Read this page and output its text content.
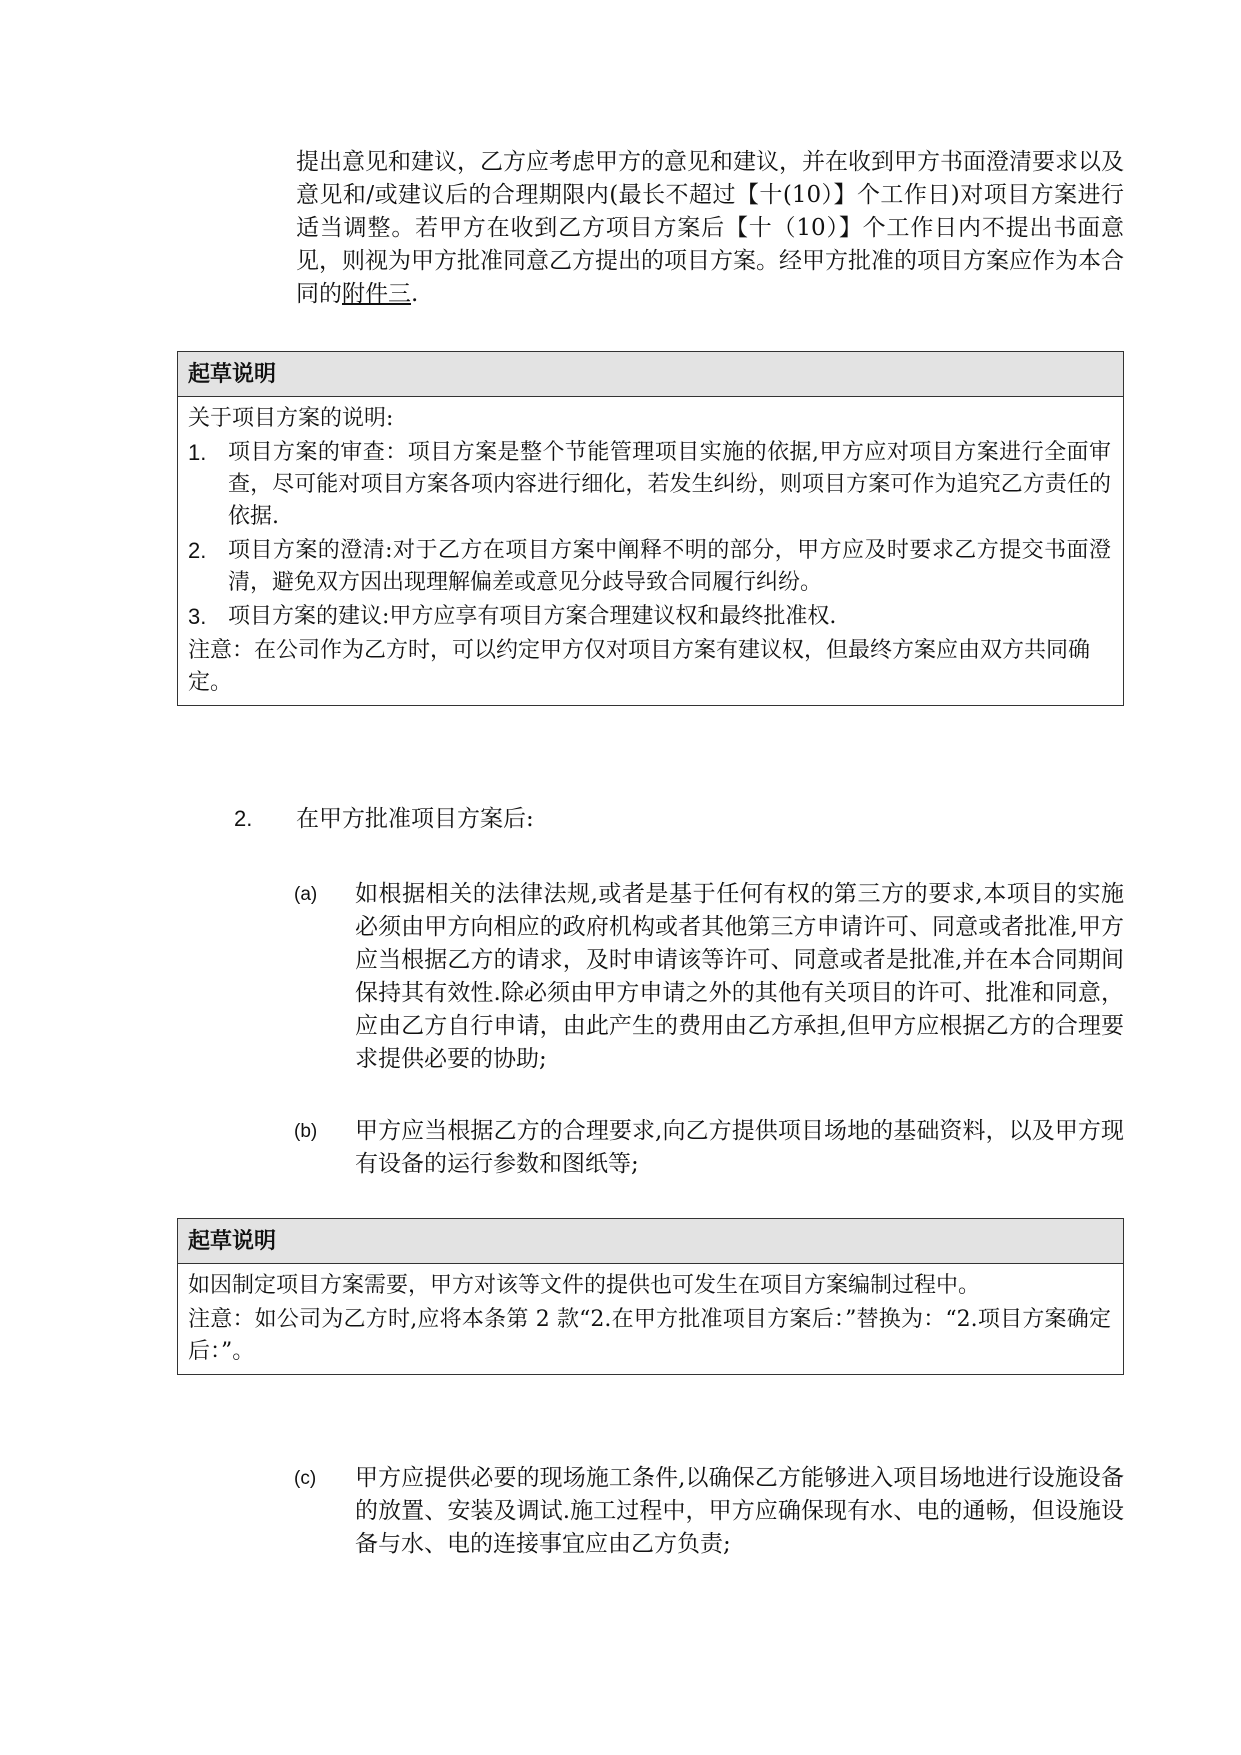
提出意见和建议，乙方应考虑甲方的意见和建议，并在收到甲方书面澄清要求以及意见和/或建议后的合理期限内(最长不超过【十(10）】个工作日)对项目方案进行适当调整。若甲方在收到乙方项目方案后【十（10）】个工作日内不提出书面意见，则视为甲方批准同意乙方提出的项目方案。经甲方批准的项目方案应作为本合同的附件三.
起草说明

关于项目方案的说明:

1. 项目方案的审查：项目方案是整个节能管理项目实施的依据,甲方应对项目方案进行全面审查，尽可能对项目方案各项内容进行细化，若发生纠纷，则项目方案可作为追究乙方责任的依据.
2. 项目方案的澄清:对于乙方在项目方案中阐释不明的部分，甲方应及时要求乙方提交书面澄清，避免双方因出现理解偏差或意见分歧导致合同履行纠纷。
3. 项目方案的建议:甲方应享有项目方案合理建议权和最终批准权.

注意：在公司作为乙方时，可以约定甲方仅对项目方案有建议权，但最终方案应由双方共同确定。

2. 在甲方批准项目方案后:
(a) 如根据相关的法律法规,或者是基于任何有权的第三方的要求,本项目的实施必须由甲方向相应的政府机构或者其他第三方申请许可、同意或者批准,甲方应当根据乙方的请求，及时申请该等许可、同意或者是批准,并在本合同期间保持其有效性.除必须由甲方申请之外的其他有关项目的许可、批准和同意，应由乙方自行申请，由此产生的费用由乙方承担,但甲方应根据乙方的合理要求提供必要的协助;
(b) 甲方应当根据乙方的合理要求,向乙方提供项目场地的基础资料，以及甲方现有设备的运行参数和图纸等;
起草说明

如因制定项目方案需要，甲方对该等文件的提供也可发生在项目方案编制过程中。

注意：如公司为乙方时,应将本条第 2 款“2.在甲方批准项目方案后：”替换为：“2.项目方案确定后：”。

(c) 甲方应提供必要的现场施工条件,以确保乙方能够进入项目场地进行设施设备的放置、安装及调试.施工过程中，甲方应确保现有水、电的通畅，但设施设备与水、电的连接事宜应由乙方负责;
